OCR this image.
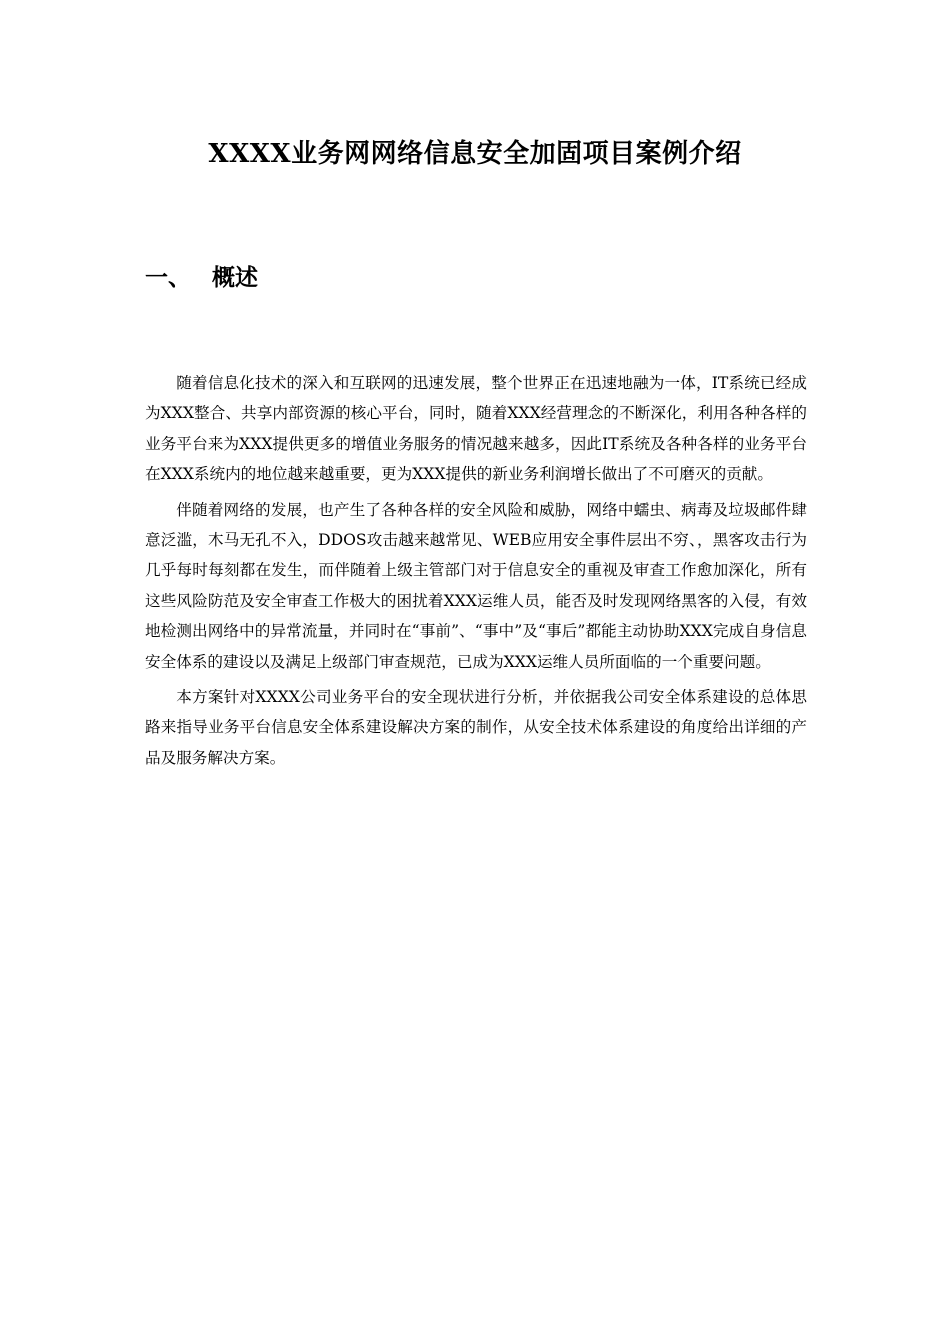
XXXX业务网网络信息安全加固项目案例介绍
一、 概述

随着信息化技术的深入和互联网的迅速发展，整个世界正在迅速地融为一体，IT系统已经成为XXX整合、共享内部资源的核心平台，同时，随着XXX经营理念的不断深化，利用各种各样的业务平台来为XXX提供更多的增值业务服务的情况越来越多，因此IT系统及各种各样的业务平台在XXX系统内的地位越来越重要，更为XXX提供的新业务利润增长做出了不可磨灭的贡献。

伴随着网络的发展，也产生了各种各样的安全风险和威胁，网络中蠕虫、病毒及垃圾邮件肆意泛滥，木马无孔不入，DDOS攻击越来越常见、WEB应用安全事件层出不穷、，黑客攻击行为几乎每时每刻都在发生，而伴随着上级主管部门对于信息安全的重视及审查工作愈加深化，所有这些风险防范及安全审查工作极大的困扰着XXX运维人员，能否及时发现网络黑客的入侵，有效地检测出网络中的异常流量，并同时在“事前”、“事中”及“事后”都能主动协助XXX完成自身信息安全体系的建设以及满足上级部门审查规范，已成为XXX运维人员所面临的一个重要问题。

本方案针对XXXX公司业务平台的安全现状进行分析，并依据我公司安全体系建设的总体思路来指导业务平台信息安全体系建设解决方案的制作，从安全技术体系建设的角度给出详细的产品及服务解决方案。
